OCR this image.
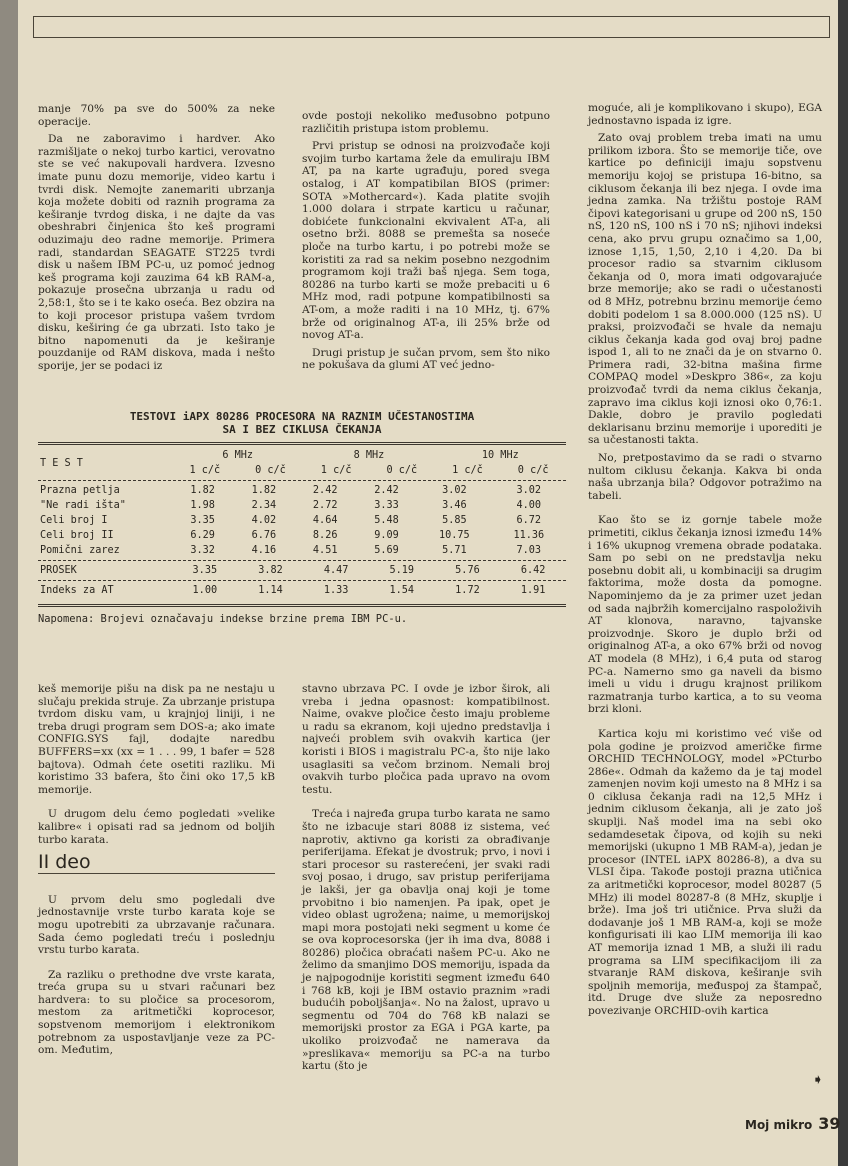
manje 70% pa sve do 500% za neke operacije.

Da ne zaboravimo i hardver. Ako razmišljate o nekoj turbo kartici, verovatno ste se već nakupovali hardvera. Izvesno imate punu dozu memorije, video kartu i tvrdi disk. Nemojte zanemariti ubrzanja koja možete dobiti od raznih programa za keširanje tvrdog diska, i ne dajte da vas obeshrabri činjenica što keš programi oduzimaju deo radne memorije. Primera radi, standardan SEAGATE ST225 tvrdi disk u našem IBM PC-u, uz pomoć jednog keš programa koji zauzima 64 kB RAM-a, pokazuje prosečna ubrzanja u radu od 2,58:1, što se i te kako oseća. Bez obzira na to koji procesor pristupa vašem tvrdom disku, keširing će ga ubrzati. Isto tako je bitno napomenuti da je keširanje pouzdanije od RAM diskova, mada i nešto sporije, jer se podaci iz

ovde postoji nekoliko međusobno potpuno različitih pristupa istom problemu.

Prvi pristup se odnosi na proizvođače koji svojim turbo kartama žele da emuliraju IBM AT, pa na karte ugrađuju, pored svega ostalog, i AT kompatibilan BIOS (primer: SOTA »Mothercard«). Kada platite svojih 1.000 dolara i strpate karticu u računar, dobićete funkcionalni ekvivalent AT-a, ali osetno brži. 8088 se premešta sa noseće ploče na turbo kartu, i po potrebi može se koristiti za rad sa nekim posebno nezgodnim programom koji traži baš njega. Sem toga, 80286 na turbo karti se može prebaciti u 6 MHz mod, radi potpune kompatibilnosti sa AT-om, a može raditi i na 10 MHz, tj. 67% brže od originalnog AT-a, ili 25% brže od novog AT-a.

Drugi pristup je sučan prvom, sem što niko ne pokušava da glumi AT već jedno-

moguće, ali je komplikovano i skupo), EGA jednostavno ispada iz igre.

Zato ovaj problem treba imati na umu prilikom izbora. Što se memorije tiče, ove kartice po definiciji imaju sopstvenu memoriju kojoj se pristupa 16-bitno, sa ciklusom čekanja ili bez njega. I ovde ima jedna zamka. Na tržištu postoje RAM čipovi kategorisani u grupe od 200 nS, 150 nS, 120 nS, 100 nS i 70 nS; njihovi indeksi cena, ako prvu grupu označimo sa 1,00, iznose 1,15, 1,50, 2,10 i 4,20. Da bi procesor radio sa stvarnim ciklusom čekanja od 0, mora imati odgovarajuće brze memorije; ako se radi o učestanosti od 8 MHz, potrebnu brzinu memorije ćemo dobiti podelom 1 sa 8.000.000 (125 nS). U praksi, proizvođači se hvale da nemaju ciklus čekanja kada god ovaj broj padne ispod 1, ali to ne znači da je on stvarno 0. Primera radi, 32-bitna mašina firme COMPAQ model »Deskpro 386«, za koju proizvođač tvrdi da nema ciklus čekanja, zapravo ima ciklus koji iznosi oko 0,76:1. Dakle, dobro je pravilo pogledati deklarisanu brzinu memorije i uporediti je sa učestanosti takta.

No, pretpostavimo da se radi o stvarno nultom ciklusu čekanja. Kakva bi onda naša ubrzanja bila? Odgovor potražimo na tabeli.

Kao što se iz gornje tabele može primetiti, ciklus čekanja iznosi između 14% i 16% ukupnog vremena obrade podataka. Sam po sebi on ne predstavlja neku posebnu dobit ali, u kombinaciji sa drugim faktorima, može dosta da pomogne. Napominjemo da je za primer uzet jedan od sada najbržih komercijalno raspoloživih AT klonova, naravno, tajvanske proizvodnje. Skoro je duplo brži od originalnog AT-a, a oko 67% brži od novog AT modela (8 MHz), i 6,4 puta od starog PC-a. Namerno smo ga naveli da bismo imeli u vidu i drugu krajnost prilikom razmatranja turbo kartica, a to su veoma brzi kloni.

Kartica koju mi koristimo već više od pola godine je proizvod američke firme ORCHID TECHNOLOGY, model »PCturbo 286e«. Odmah da kažemo da je taj model zamenjen novim koji umesto na 8 MHz i sa 0 ciklusa čekanja radi na 12,5 MHz i jednim ciklusom čekanja, ali je zato još skuplji. Naš model ima na sebi oko sedamdesetak čipova, od kojih su neki memorijski (ukupno 1 MB RAM-a), jedan je procesor (INTEL iAPX 80286-8), a dva su VLSI čipa. Takođe postoji prazna utičnica za aritmetički koprocesor, model 80287 (5 MHz) ili model 80287-8 (8 MHz, skuplje i brže). Ima još tri utičnice. Prva služi da dodavanje još 1 MB RAM-a, koji se može konfigurisati ili kao LIM memorija ili kao AT memorija iznad 1 MB, a služi ili radu programa sa LIM specifikacijom ili za stvaranje RAM diskova, keširanje svih spoljnih memorija, međuspoj za štampač, itd. Druge dve služe za neposredno povezivanje ORCHID-ovih kartica

TESTOVI iAPX 80286 PROCESORA NA RAZNIM UČESTANOSTIMA
SA I BEZ CIKLUSA ČEKANJA
T E S T	6 MHz		8 MHz		10 MHz	
	1 c/č	0 c/č	1 c/č	0 c/č	1 c/č	0 c/č
Prazna petlja	1.82	1.82	2.42	2.42	3.02	3.02
"Ne radi išta"	1.98	2.34	2.72	3.33	3.46	4.00
Celi broj I	3.35	4.02	4.64	5.48	5.85	6.72
Celi broj II	6.29	6.76	8.26	9.09	10.75	11.36
Pomični zarez	3.32	4.16	4.51	5.69	5.71	7.03
PROSEK	3.35	3.82	4.47	5.19	5.76	6.42
Indeks za AT	1.00	1.14	1.33	1.54	1.72	1.91
Napomena: Brojevi označavaju indekse brzine prema IBM PC-u.

keš memorije pišu na disk pa ne nestaju u slučaju prekida struje. Za ubrzanje pristupa tvrdom disku vam, u krajnjoj liniji, i ne treba drugi program sem DOS-a; ako imate CONFIG.SYS fajl, dodajte naredbu BUFFERS=xx (xx = 1 . . . 99, 1 bafer = 528 bajtova). Odmah ćete osetiti razliku. Mi koristimo 33 bafera, što čini oko 17,5 kB memorije.

U drugom delu ćemo pogledati »velike kalibre« i opisati rad sa jednom od boljih turbo karata.

II deo

U prvom delu smo pogledali dve jednostavnije vrste turbo karata koje se mogu upotrebiti za ubrzavanje računara. Sada ćemo pogledati treću i poslednju vrstu turbo karata.

Za razliku o prethodne dve vrste karata, treća grupa su u stvari računari bez hardvera: to su pločice sa procesorom, mestom za aritmetički koprocesor, sopstvenom memorijom i elektronikom potrebnom za uspostavljanje veze za PC-om. Međutim,

stavno ubrzava PC. I ovde je izbor širok, ali vreba i jedna opasnost: kompatibilnost. Naime, ovakve pločice često imaju probleme u radu sa ekranom, koji ujedno predstavlja i najveći problem svih ovakvih kartica (jer koristi i BIOS i magistralu PC-a, što nije lako usaglasiti sa večom brzinom. Nemali broj ovakvih turbo pločica pada upravo na ovom testu.

Treća i najređa grupa turbo karata ne samo što ne izbacuje stari 8088 iz sistema, već naprotiv, aktivno ga koristi za obrađivanje periferijama. Efekat je dvostruk; prvo, i novi i stari procesor su rasterećeni, jer svaki radi svoj posao, i drugo, sav pristup periferijama je lakši, jer ga obavlja onaj koji je tome prvobitno i bio namenjen. Pa ipak, opet je video oblast ugrožena; naime, u memorijskoj mapi mora postojati neki segment u kome će se ova koprocesorska (jer ih ima dva, 8088 i 80286) pločica obraćati našem PC-u. Ako ne želimo da smanjimo DOS memoriju, ispada da je najpogodnije koristiti segment između 640 i 768 kB, koji je IBM ostavio praznim »radi budućih poboljšanja«. No na žalost, upravo u segmentu od 704 do 768 kB nalazi se memorijski prostor za EGA i PGA karte, pa ukoliko proizvođač ne namerava da »preslikava« memoriju sa PC-a na turbo kartu (što je

➧
Moj mikro 39
